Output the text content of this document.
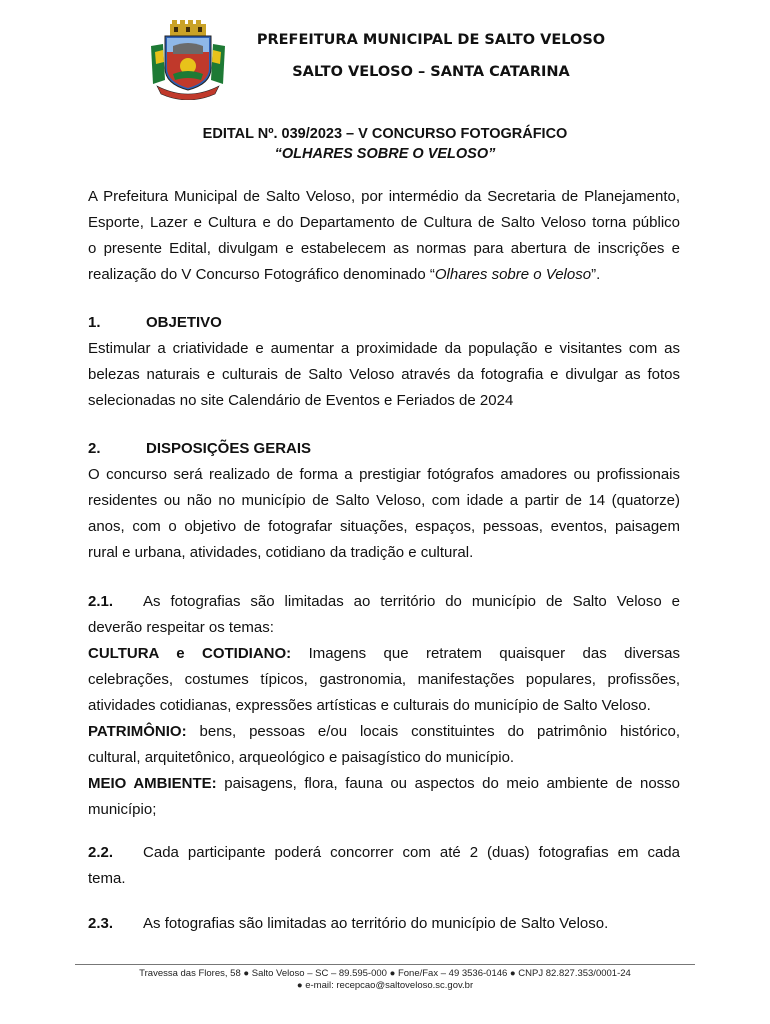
PREFEITURA MUNICIPAL DE SALTO VELOSO
SALTO VELOSO – SANTA CATARINA
EDITAL Nº. 039/2023 – V CONCURSO FOTOGRÁFICO
“OLHARES SOBRE O VELOSO”
A Prefeitura Municipal de Salto Veloso, por intermédio da Secretaria de Planejamento,
Esporte, Lazer e Cultura e do Departamento de Cultura de Salto Veloso torna público
o presente Edital, divulgam e estabelecem as normas para abertura de inscrições e
realização do V Concurso Fotográfico denominado “Olhares sobre o Veloso”.
1.	OBJETIVO
Estimular a criatividade e aumentar a proximidade da população e visitantes com as
belezas naturais e culturais de Salto Veloso através da fotografia e divulgar as fotos
selecionadas no site Calendário de Eventos e Feriados de 2024
2.	DISPOSIÇÕES GERAIS
O concurso será realizado de forma a prestigiar fotógrafos amadores ou profissionais
residentes ou não no município de Salto Veloso, com idade a partir de 14 (quatorze)
anos, com o objetivo de fotografar situações, espaços, pessoas, eventos, paisagem
rural e urbana, atividades, cotidiano da tradição e cultural.
2.1. As fotografias são limitadas ao território do município de Salto Veloso e
deverão respeitar os temas:
CULTURA e COTIDIANO: Imagens que retratem quaisquer das diversas
celebrações, costumes típicos, gastronomia, manifestações populares, profissões,
atividades cotidianas, expressões artísticas e culturais do município de Salto Veloso.
PATRIMÔNIO: bens, pessoas e/ou locais constituintes do patrimônio histórico,
cultural, arquitetônico, arqueológico e paisagístico do município.
MEIO AMBIENTE: paisagens, flora, fauna ou aspectos do meio ambiente de nosso
município;
2.2. Cada participante poderá concorrer com até 2 (duas) fotografias em cada
tema.
2.3. As fotografias são limitadas ao território do município de Salto Veloso.
Travessa das Flores, 58 ● Salto Veloso – SC – 89.595-000 ● Fone/Fax – 49 3536-0146 ● CNPJ 82.827.353/0001-24
● e-mail: recepcao@saltoveloso.sc.gov.br
